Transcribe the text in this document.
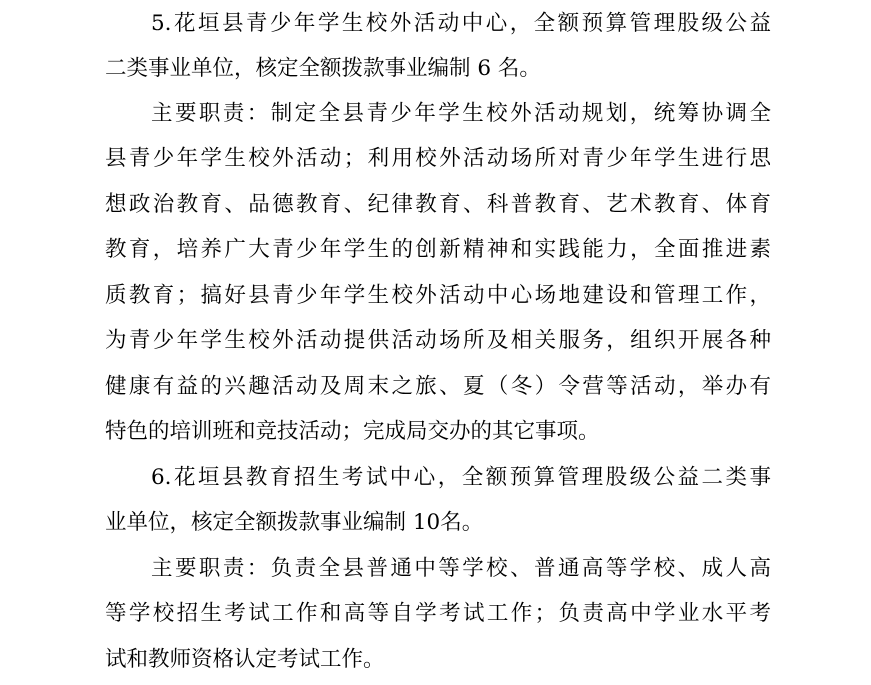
5.花垣县青少年学生校外活动中心，全额预算管理股级公益
二类事业单位，核定全额拨款事业编制 6 名。
主要职责：制定全县青少年学生校外活动规划，统筹协调全
县青少年学生校外活动；利用校外活动场所对青少年学生进行思
想政治教育、品德教育、纪律教育、科普教育、艺术教育、体育
教育，培养广大青少年学生的创新精神和实践能力，全面推进素
质教育；搞好县青少年学生校外活动中心场地建设和管理工作，
为青少年学生校外活动提供活动场所及相关服务，组织开展各种
健康有益的兴趣活动及周末之旅、夏（冬）令营等活动，举办有
特色的培训班和竞技活动；完成局交办的其它事项。
6.花垣县教育招生考试中心，全额预算管理股级公益二类事
业单位，核定全额拨款事业编制 10名。
主要职责：负责全县普通中等学校、普通高等学校、成人高
等学校招生考试工作和高等自学考试工作；负责高中学业水平考
试和教师资格认定考试工作。
